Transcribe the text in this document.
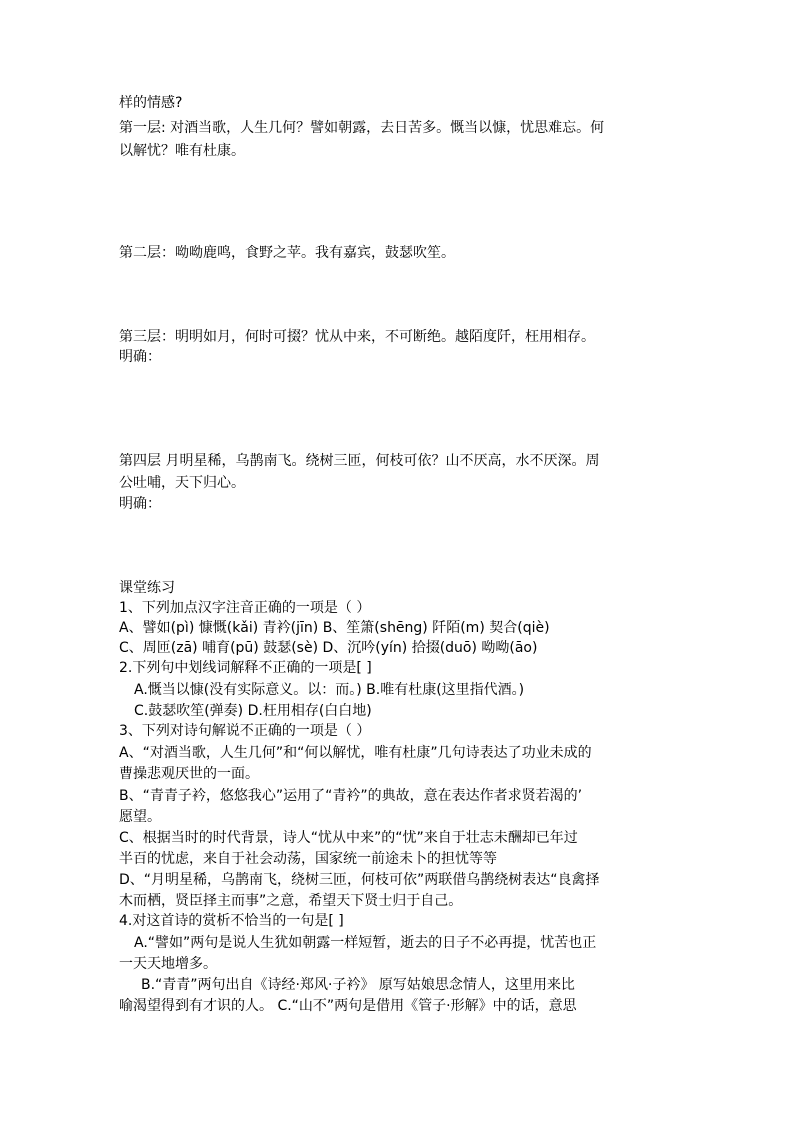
样的情感?
第一层: 对酒当歌，人生几何？譬如朝露，去日苦多。慨当以慷，忧思难忘。何
以解忧？唯有杜康。
第二层：呦呦鹿鸣，食野之苹。我有嘉宾，鼓瑟吹笙。
第三层：明明如月，何时可掇？忧从中来，不可断绝。越陌度阡，枉用相存。
明确：
第四层 月明星稀，乌鹊南飞。绕树三匝，何枝可依？山不厌高，水不厌深。周
公吐哺，天下归心。
明确：
课堂练习
1、下列加点汉字注音正确的一项是（ ）
A、譬如(pì) 慷慨(kǎi) 青衿(jīn) B、笙箫(shēng) 阡陌(m) 契合(qiè)
C、周匝(zā) 哺育(pū) 鼓瑟(sè) D、沉吟(yín) 拾掇(duō) 呦呦(āo)
2.下列句中划线词解释不正确的一项是[ ]
A.慨当以慷(没有实际意义。以：而。) B.唯有杜康(这里指代酒。)
C.鼓瑟吹笙(弹奏) D.枉用相存(白白地)
3、下列对诗句解说不正确的一项是（ ）
A、“对酒当歌，人生几何”和“何以解忧，唯有杜康”几句诗表达了功业未成的
曹操悲观厌世的一面。
B、“青青子衿，悠悠我心”运用了“青衿”的典故，意在表达作者求贤若渴的’
愿望。
C、根据当时的时代背景，诗人“忧从中来”的“忧”来自于壮志未酬却已年过
半百的忧虑，来自于社会动荡，国家统一前途未卜的担忧等等
D、“月明星稀，乌鹊南飞，绕树三匝，何枝可依”两联借乌鹊绕树表达“良禽择
木而栖，贤臣择主而事”之意，希望天下贤士归于自己。
4.对这首诗的赏析不恰当的一句是[ ]
A.“譬如”两句是说人生犹如朝露一样短暂，逝去的日子不必再提，忧苦也正
一天天地增多。
B.“青青”两句出自《诗经·郑风·子衿》 原写姑娘思念情人，这里用来比
喻渴望得到有才识的人。 C.“山不”两句是借用《管子·形解》中的话，意思
